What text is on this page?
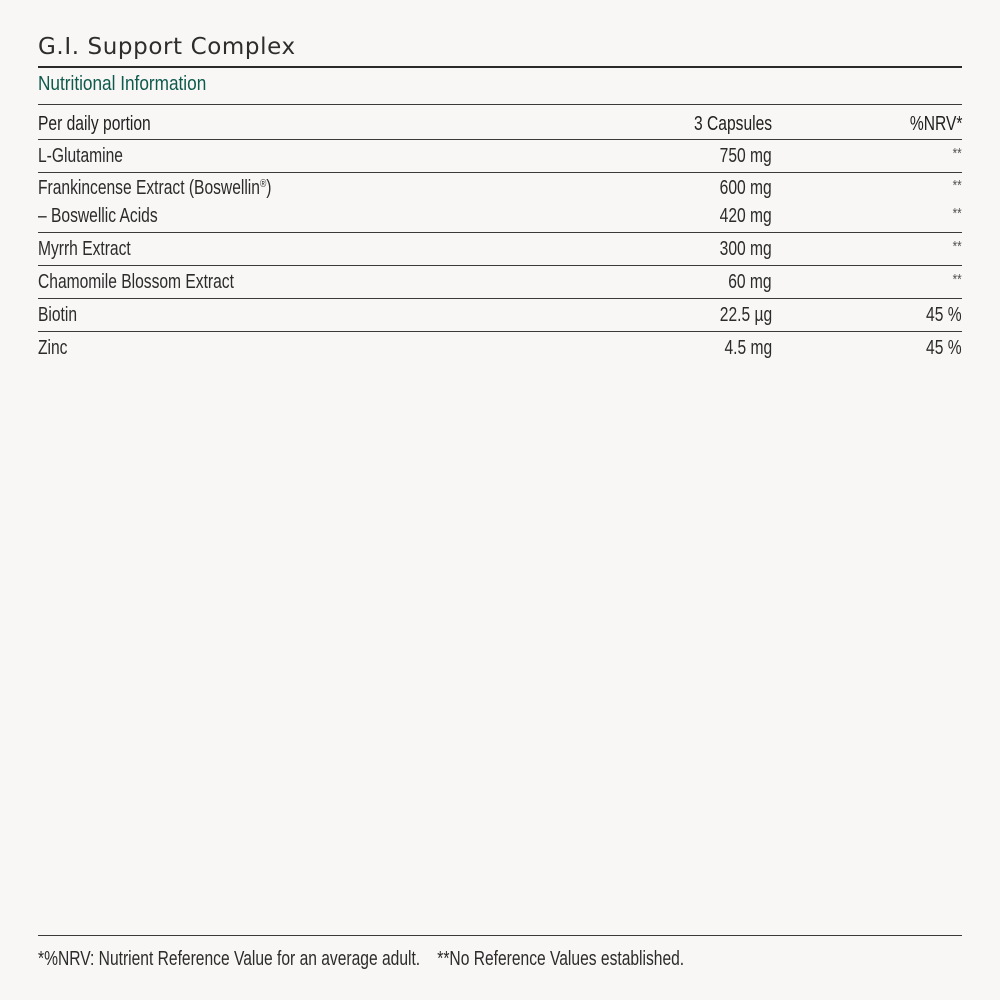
G.I. Support Complex
Nutritional Information
Per daily portion	3 Capsules	%NRV*
L-Glutamine	750 mg	**
Frankincense Extract (Boswellin®)	600 mg	**
– Boswellic Acids	420 mg	**
Myrrh Extract	300 mg	**
Chamomile Blossom Extract	60 mg	**
Biotin	22.5 µg	45 %
Zinc	4.5 mg	45 %
*%NRV: Nutrient Reference Value for an average adult. **No Reference Values established.
